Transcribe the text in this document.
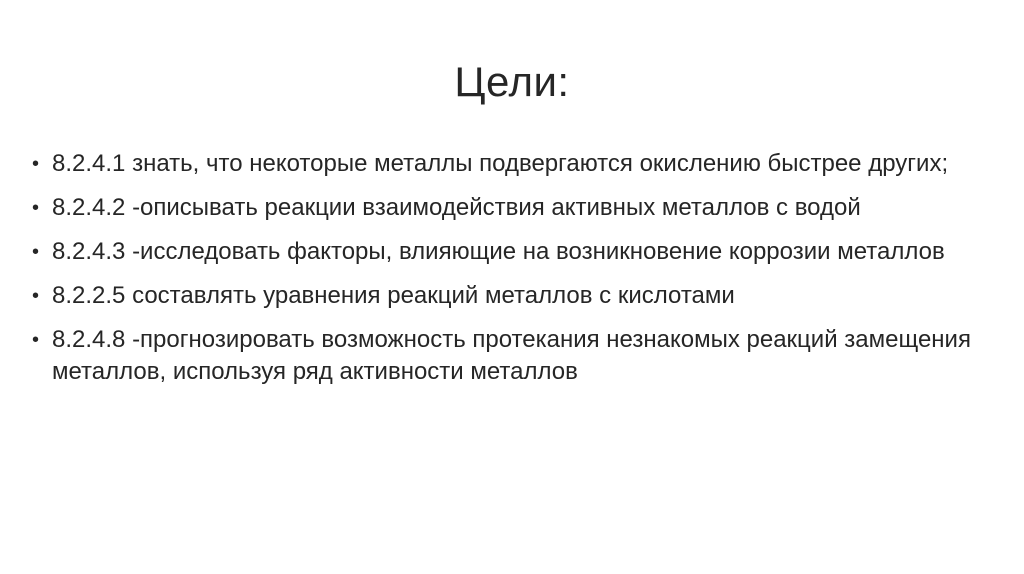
Цели:
• 8.2.4.1 знать, что некоторые металлы подвергаются окислению быстрее других;
• 8.2.4.2 -описывать реакции взаимодействия активных металлов с водой
• 8.2.4.3 -исследовать факторы, влияющие на возникновение коррозии металлов
• 8.2.2.5 составлять уравнения реакций металлов с кислотами
• 8.2.4.8 -прогнозировать возможность протекания незнакомых реакций замещения металлов, используя ряд активности металлов
